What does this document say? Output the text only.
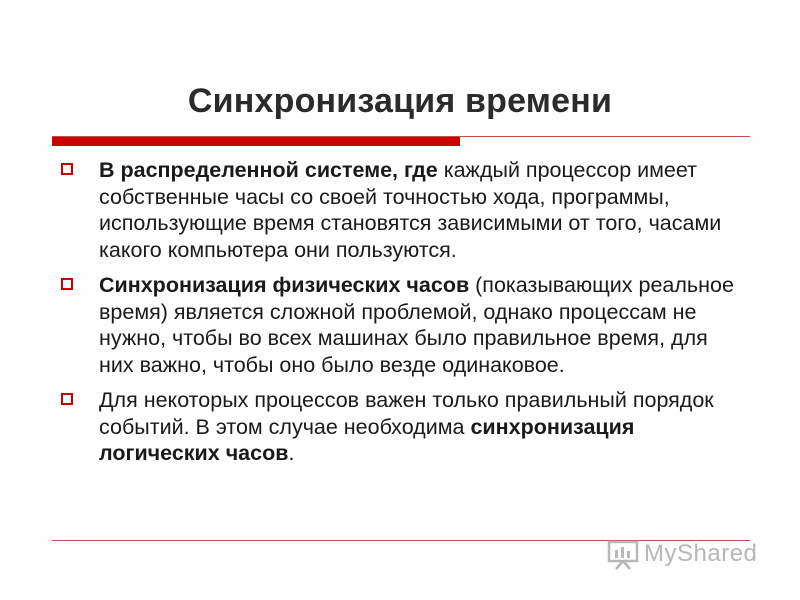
Синхронизация времени
В распределенной системе, где каждый процессор имеет собственные часы со своей точностью хода, программы, использующие время становятся зависимыми от того, часами какого компьютера они пользуются.
Синхронизация физических часов (показывающих реальное время) является сложной проблемой, однако процессам не нужно, чтобы во всех машинах было правильное время, для них важно, чтобы оно было везде одинаковое.
Для некоторых процессов важен только правильный порядок событий. В этом случае необходима синхронизация логических часов.
MyShared
